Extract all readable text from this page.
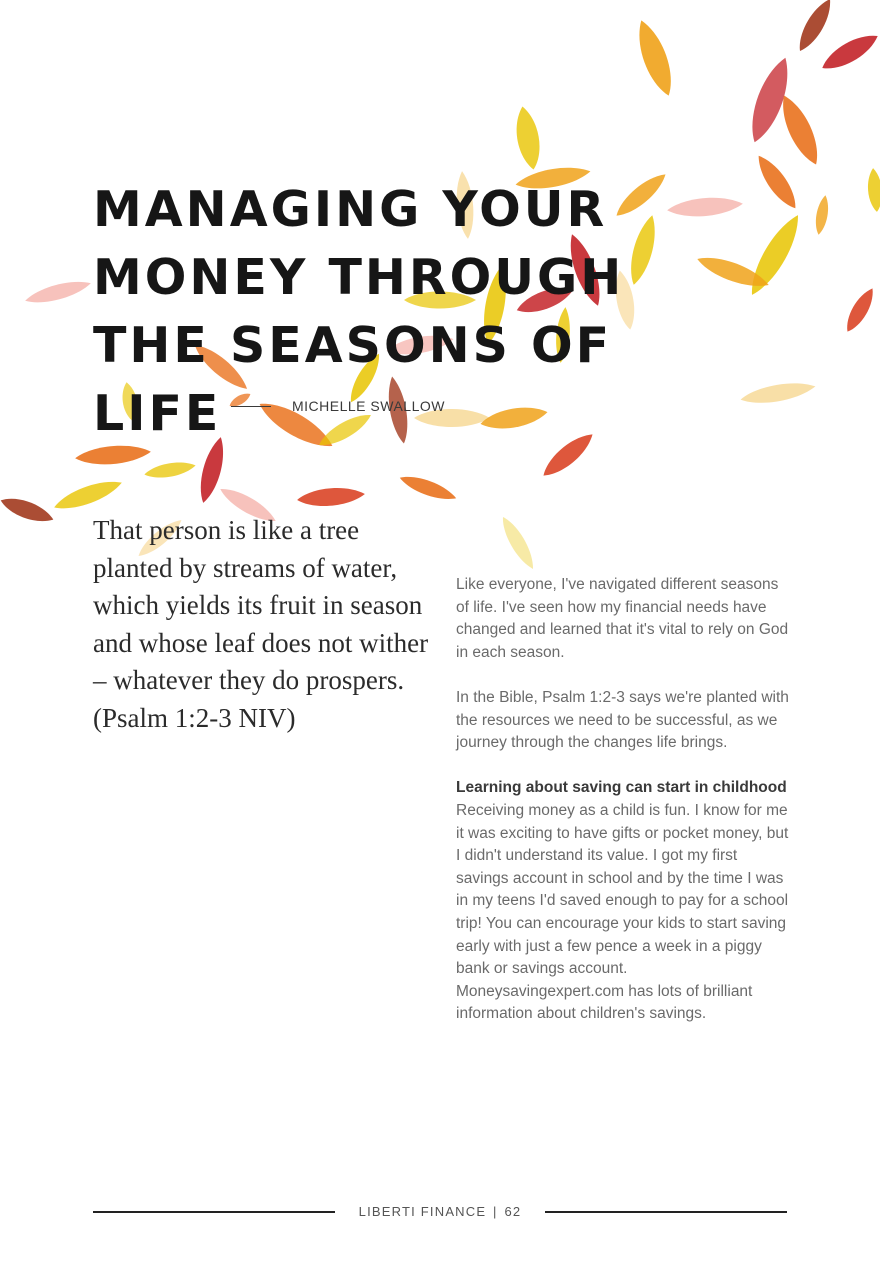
MANAGING YOUR MONEY THROUGH THE SEASONS OF LIFE	MICHELLE SWALLOW

That person is like a tree planted by streams of water, which yields its fruit in season and whose leaf does not wither – whatever they do prospers. (Psalm 1:2-3 NIV)

Like everyone, I've navigated different seasons of life. I've seen how my financial needs have changed and learned that it's vital to rely on God in each season.

In the Bible, Psalm 1:2-3 says we're planted with the resources we need to be successful, as we journey through the changes life brings.

Learning about saving can start in childhood

Receiving money as a child is fun. I know for me it was exciting to have gifts or pocket money, but I didn't understand its value. I got my first savings account in school and by the time I was in my teens I'd saved enough to pay for a school trip! You can encourage your kids to start saving early with just a few pence a week in a piggy bank or savings account. Moneysavingexpert.com has lots of brilliant information about children's savings.

LIBERTI FINANCE | 62
